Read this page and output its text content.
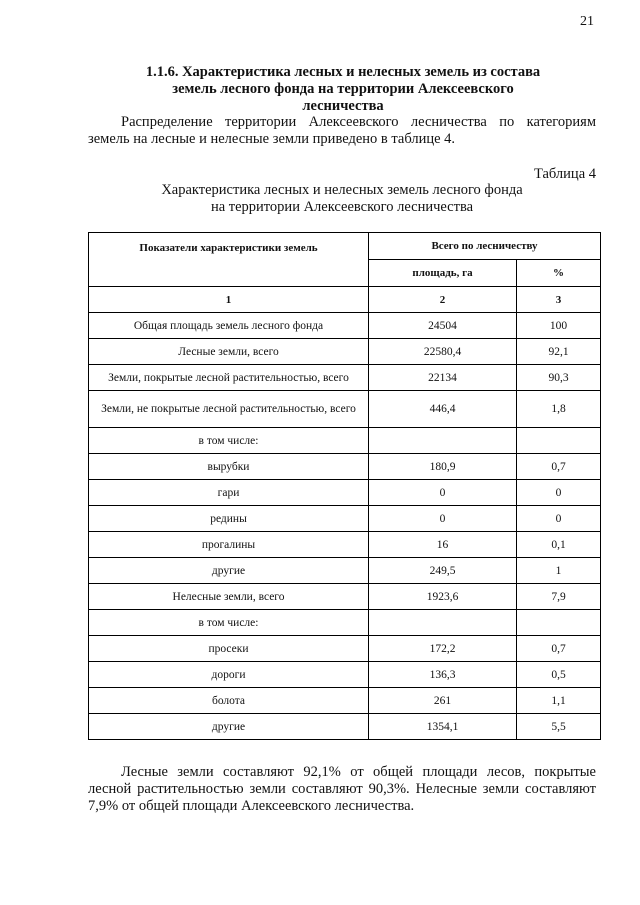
21
1.1.6. Характеристика лесных и нелесных земель из состава
земель лесного фонда на территории Алексеевского
лесничества

Распределение территории Алексеевского лесничества по категориям земель на лесные и нелесные земли приведено в таблице 4.

Таблица 4
Характеристика лесных и нелесных земель лесного фонда
на территории Алексеевского лесничества
Показатели характеристики земель	Всего по лесничеству	
	площадь, га	%
1	2	3
Общая площадь земель лесного фонда	24504	100
Лесные земли, всего	22580,4	92,1
Земли, покрытые лесной растительностью, всего	22134	90,3
Земли, не покрытые лесной растительностью, всего	446,4	1,8
в том числе:		
вырубки	180,9	0,7
гари	0	0
редины	0	0
прогалины	16	0,1
другие	249,5	1
Нелесные земли, всего	1923,6	7,9
в том числе:		
просеки	172,2	0,7
дороги	136,3	0,5
болота	261	1,1
другие	1354,1	5,5

Лесные земли составляют 92,1% от общей площади лесов, покрытые лесной растительностью земли составляют 90,3%. Нелесные земли составляют 7,9% от общей площади Алексеевского лесничества.
